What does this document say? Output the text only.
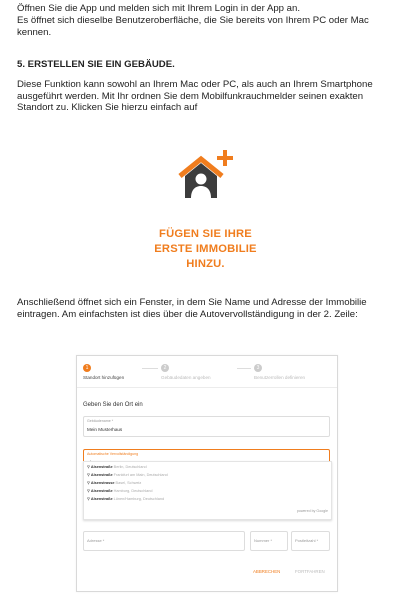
Öffnen Sie die App und melden sich mit Ihrem Login in der App an.

Es öffnet sich dieselbe Benutzeroberfläche, die Sie bereits von Ihrem PC oder Mac kennen.

5. ERSTELLEN SIE EIN GEBÄUDE.

Diese Funktion kann sowohl an Ihrem Mac oder PC, als auch an Ihrem Smartphone ausgeführt werden. Mit Ihr ordnen Sie dem Mobilfunkrauchmelder seinen exakten Standort zu. Klicken Sie hierzu einfach auf

FÜGEN SIE IHRE
ERSTE IMMOBILIE
HINZU.

Anschließend öffnet sich ein Fenster, in dem Sie Name und Adresse der Immobilie eintragen. Am einfachsten ist dies über die Autovervollständigung in der 2. Zeile:

1
Standort hinzufügen
2
Gebäudedaten angeben
3
Benutzerrollen definieren
Geben Sie den Ort ein
Gebäudename *
Mein Musterhaus
Automatische Vervollständigung
⚲ Alsenstraße Berlin, Deutschland
⚲ Alsenstraße Frankfurt am Main, Deutschland
⚲ Alsenstrasse Basel, Schweiz
⚲ Alsenstraße Hamburg, Deutschland
⚲ Alsenstraße Lünen/Hamburg, Deutschland
powered by Google
Adresse *	Nummer *	Postleitzahl *
ABBRECHEN	FORTFAHREN
